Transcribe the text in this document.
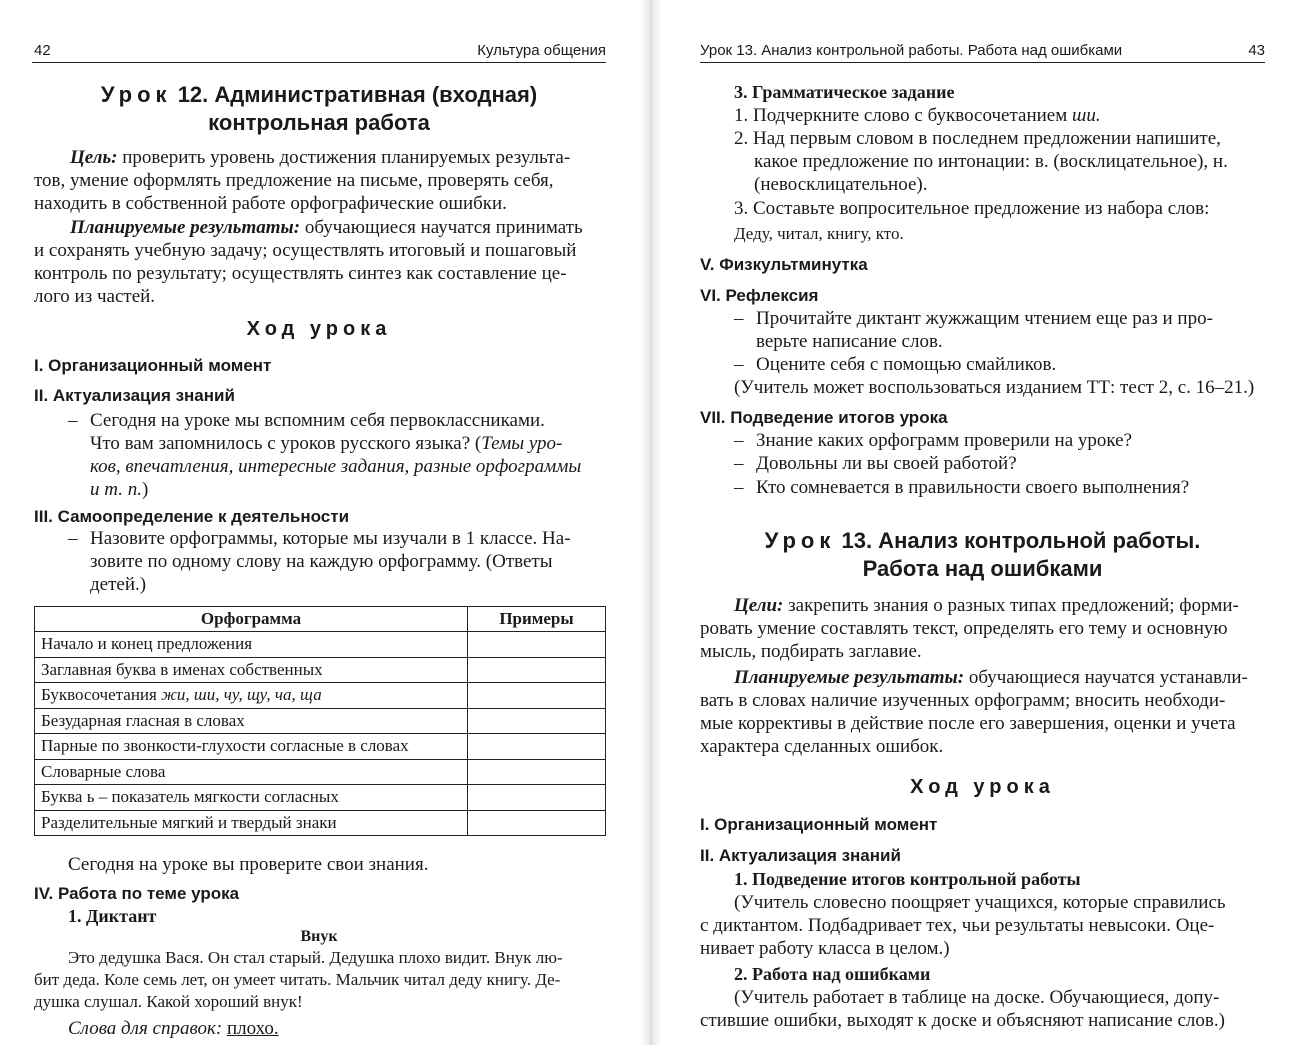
42	Культура общения
Урок 12. Административная (входная)
контрольная работа
Цель: проверить уровень достижения планируемых результа-
тов, умение оформлять предложение на письме, проверять себя,
находить в собственной работе орфографические ошибки.
Планируемые результаты: обучающиеся научатся принимать
и сохранять учебную задачу; осуществлять итоговый и пошаговый
контроль по результату; осуществлять синтез как составление це-
лого из частей.
Ход урока
I. Организационный момент
II. Актуализация знаний
– Сегодня на уроке мы вспомним себя первоклассниками.
Что вам запомнилось с уроков русского языка? (Темы уро-
ков, впечатления, интересные задания, разные орфограммы
и т. п.)
III. Самоопределение к деятельности
– Назовите орфограммы, которые мы изучали в 1 классе. На-
зовите по одному слову на каждую орфограмму. (Ответы
детей.)
Орфограмма	Примеры
Начало и конец предложения	
Заглавная буква в именах собственных	
Буквосочетания жи, ши, чу, щу, ча, ща	
Безударная гласная в словах	
Парные по звонкости-глухости согласные в словах	
Словарные слова	
Буква ь – показатель мягкости согласных	
Разделительные мягкий и твердый знаки	
Сегодня на уроке вы проверите свои знания.
IV. Работа по теме урока
1. Диктант
Внук
Это дедушка Вася. Он стал старый. Дедушка плохо видит. Внук лю-
бит деда. Коле семь лет, он умеет читать. Мальчик читал деду книгу. Де-
душка слушал. Какой хороший внук!
Слова для справок: плохо.
Урок 13. Анализ контрольной работы. Работа над ошибками	43
3. Грамматическое задание
1. Подчеркните слово с буквосочетанием ши.
2. Над первым словом в последнем предложении напишите,
какое предложение по интонации: в. (восклицательное), н.
(невосклицательное).
3. Составьте вопросительное предложение из набора слов:
Деду, читал, книгу, кто.
V. Физкультминутка
VI. Рефлексия
– Прочитайте диктант жужжащим чтением еще раз и про-
верьте написание слов.
– Оцените себя с помощью смайликов.
(Учитель может воспользоваться изданием ТТ: тест 2, с. 16–21.)
VII. Подведение итогов урока
– Знание каких орфограмм проверили на уроке?
– Довольны ли вы своей работой?
– Кто сомневается в правильности своего выполнения?
Урок 13. Анализ контрольной работы.
Работа над ошибками
Цели: закрепить знания о разных типах предложений; форми-
ровать умение составлять текст, определять его тему и основную
мысль, подбирать заглавие.
Планируемые результаты: обучающиеся научатся устанавли-
вать в словах наличие изученных орфограмм; вносить необходи-
мые коррективы в действие после его завершения, оценки и учета
характера сделанных ошибок.
Ход урока
I. Организационный момент
II. Актуализация знаний
1. Подведение итогов контрольной работы
(Учитель словесно поощряет учащихся, которые справились
с диктантом. Подбадривает тех, чьи результаты невысоки. Оце-
нивает работу класса в целом.)
2. Работа над ошибками
(Учитель работает в таблице на доске. Обучающиеся, допу-
стившие ошибки, выходят к доске и объясняют написание слов.)
